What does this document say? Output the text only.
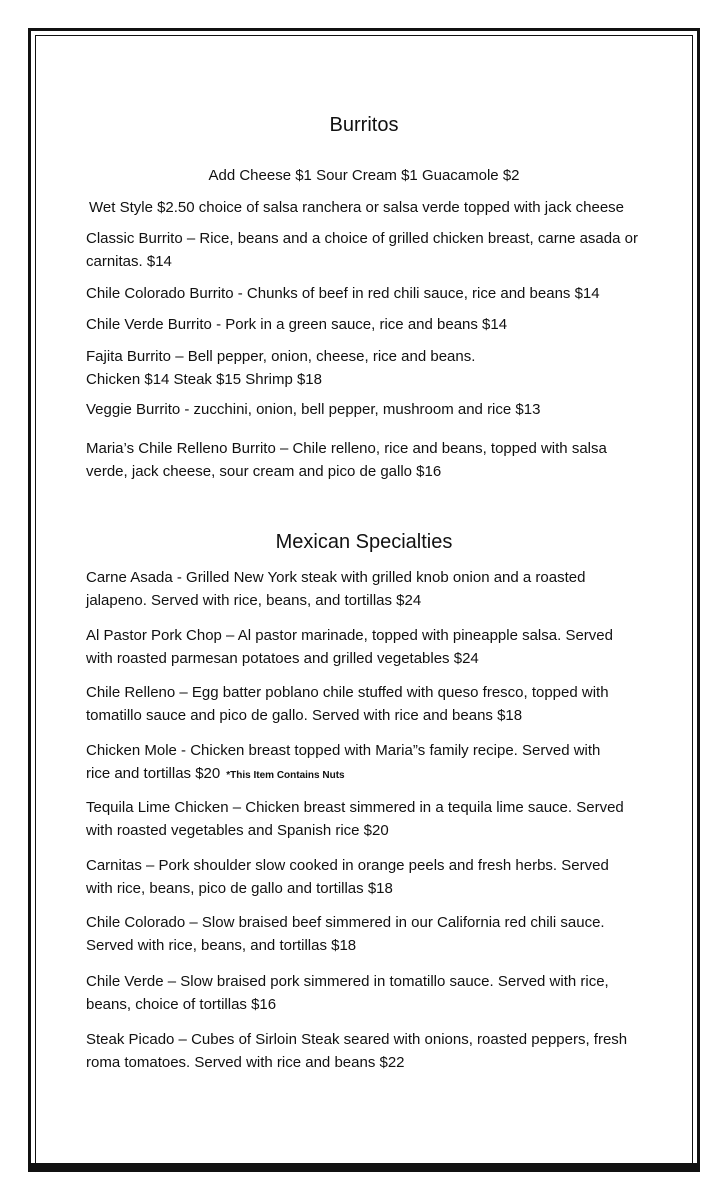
Burritos
Add Cheese $1 Sour Cream $1 Guacamole $2
Wet Style $2.50 choice of salsa ranchera or salsa verde topped with jack cheese
Classic Burrito – Rice, beans and a choice of grilled chicken breast, carne asada or
carnitas. $14
Chile Colorado Burrito - Chunks of beef in red chili sauce, rice and beans $14
Chile Verde Burrito - Pork in a green sauce, rice and beans $14
Fajita Burrito – Bell pepper, onion, cheese, rice and beans.
Chicken $14 Steak $15 Shrimp $18
Veggie Burrito - zucchini, onion, bell pepper, mushroom and rice $13
Maria’s Chile Relleno Burrito – Chile relleno, rice and beans, topped with salsa
verde, jack cheese, sour cream and pico de gallo $16
Mexican Specialties
Carne Asada - Grilled New York steak with grilled knob onion and a roasted
jalapeno. Served with rice, beans, and tortillas $24
Al Pastor Pork Chop – Al pastor marinade, topped with pineapple salsa. Served
with roasted parmesan potatoes and grilled vegetables $24
Chile Relleno – Egg batter poblano chile stuffed with queso fresco, topped with
tomatillo sauce and pico de gallo. Served with rice and beans $18
Chicken Mole - Chicken breast topped with Maria”s family recipe. Served with
rice and tortillas $20 *This Item Contains Nuts
Tequila Lime Chicken – Chicken breast simmered in a tequila lime sauce. Served
with roasted vegetables and Spanish rice $20
Carnitas – Pork shoulder slow cooked in orange peels and fresh herbs. Served
with rice, beans, pico de gallo and tortillas $18
Chile Colorado – Slow braised beef simmered in our California red chili sauce.
Served with rice, beans, and tortillas $18
Chile Verde – Slow braised pork simmered in tomatillo sauce. Served with rice,
beans, choice of tortillas $16
Steak Picado – Cubes of Sirloin Steak seared with onions, roasted peppers, fresh
roma tomatoes. Served with rice and beans $22
